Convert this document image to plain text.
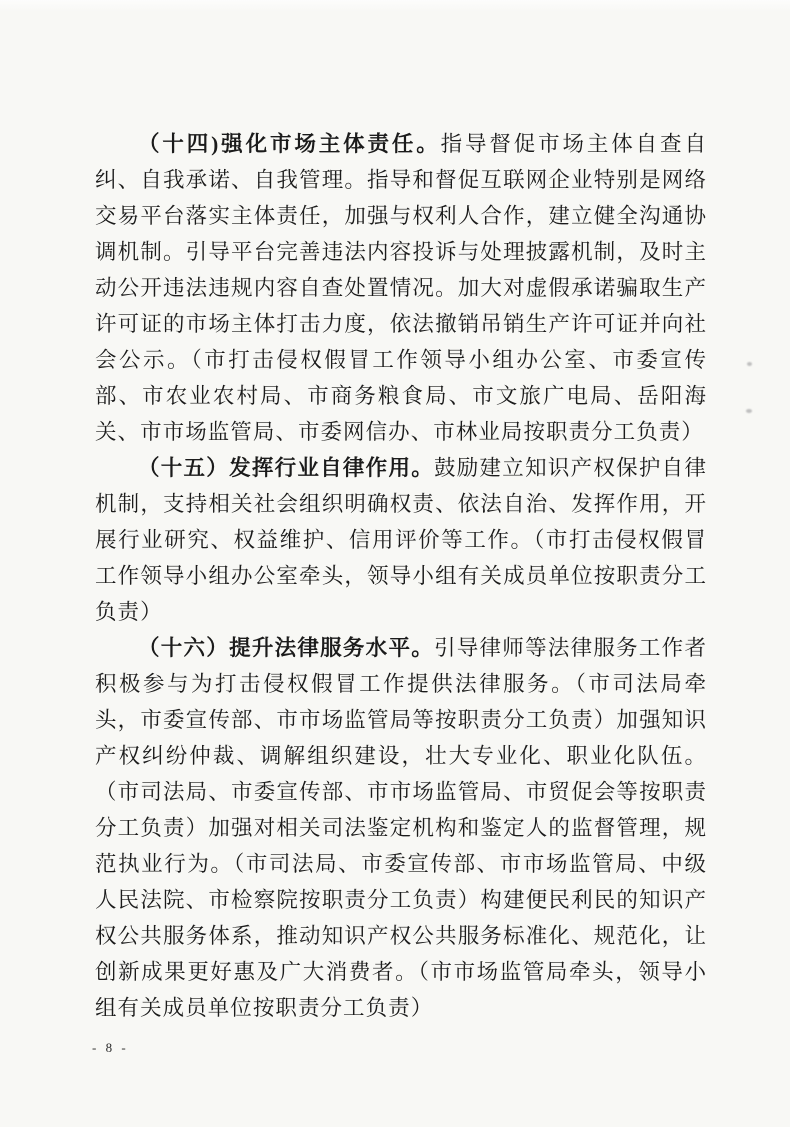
（十四)强化市场主体责任。指导督促市场主体自查自纠、自我承诺、自我管理。指导和督促互联网企业特别是网络交易平台落实主体责任，加强与权利人合作，建立健全沟通协调机制。引导平台完善违法内容投诉与处理披露机制，及时主动公开违法违规内容自查处置情况。加大对虚假承诺骗取生产许可证的市场主体打击力度，依法撤销吊销生产许可证并向社会公示。（市打击侵权假冒工作领导小组办公室、市委宣传部、市农业农村局、市商务粮食局、市文旅广电局、岳阳海关、市市场监管局、市委网信办、市林业局按职责分工负责）

（十五）发挥行业自律作用。鼓励建立知识产权保护自律机制，支持相关社会组织明确权责、依法自治、发挥作用，开展行业研究、权益维护、信用评价等工作。（市打击侵权假冒工作领导小组办公室牵头，领导小组有关成员单位按职责分工负责）

（十六）提升法律服务水平。引导律师等法律服务工作者积极参与为打击侵权假冒工作提供法律服务。（市司法局牵头，市委宣传部、市市场监管局等按职责分工负责）加强知识产权纠纷仲裁、调解组织建设，壮大专业化、职业化队伍。（市司法局、市委宣传部、市市场监管局、市贸促会等按职责分工负责）加强对相关司法鉴定机构和鉴定人的监督管理，规范执业行为。（市司法局、市委宣传部、市市场监管局、中级人民法院、市检察院按职责分工负责）构建便民利民的知识产权公共服务体系，推动知识产权公共服务标准化、规范化，让创新成果更好惠及广大消费者。（市市场监管局牵头，领导小组有关成员单位按职责分工负责）

- 8 -
